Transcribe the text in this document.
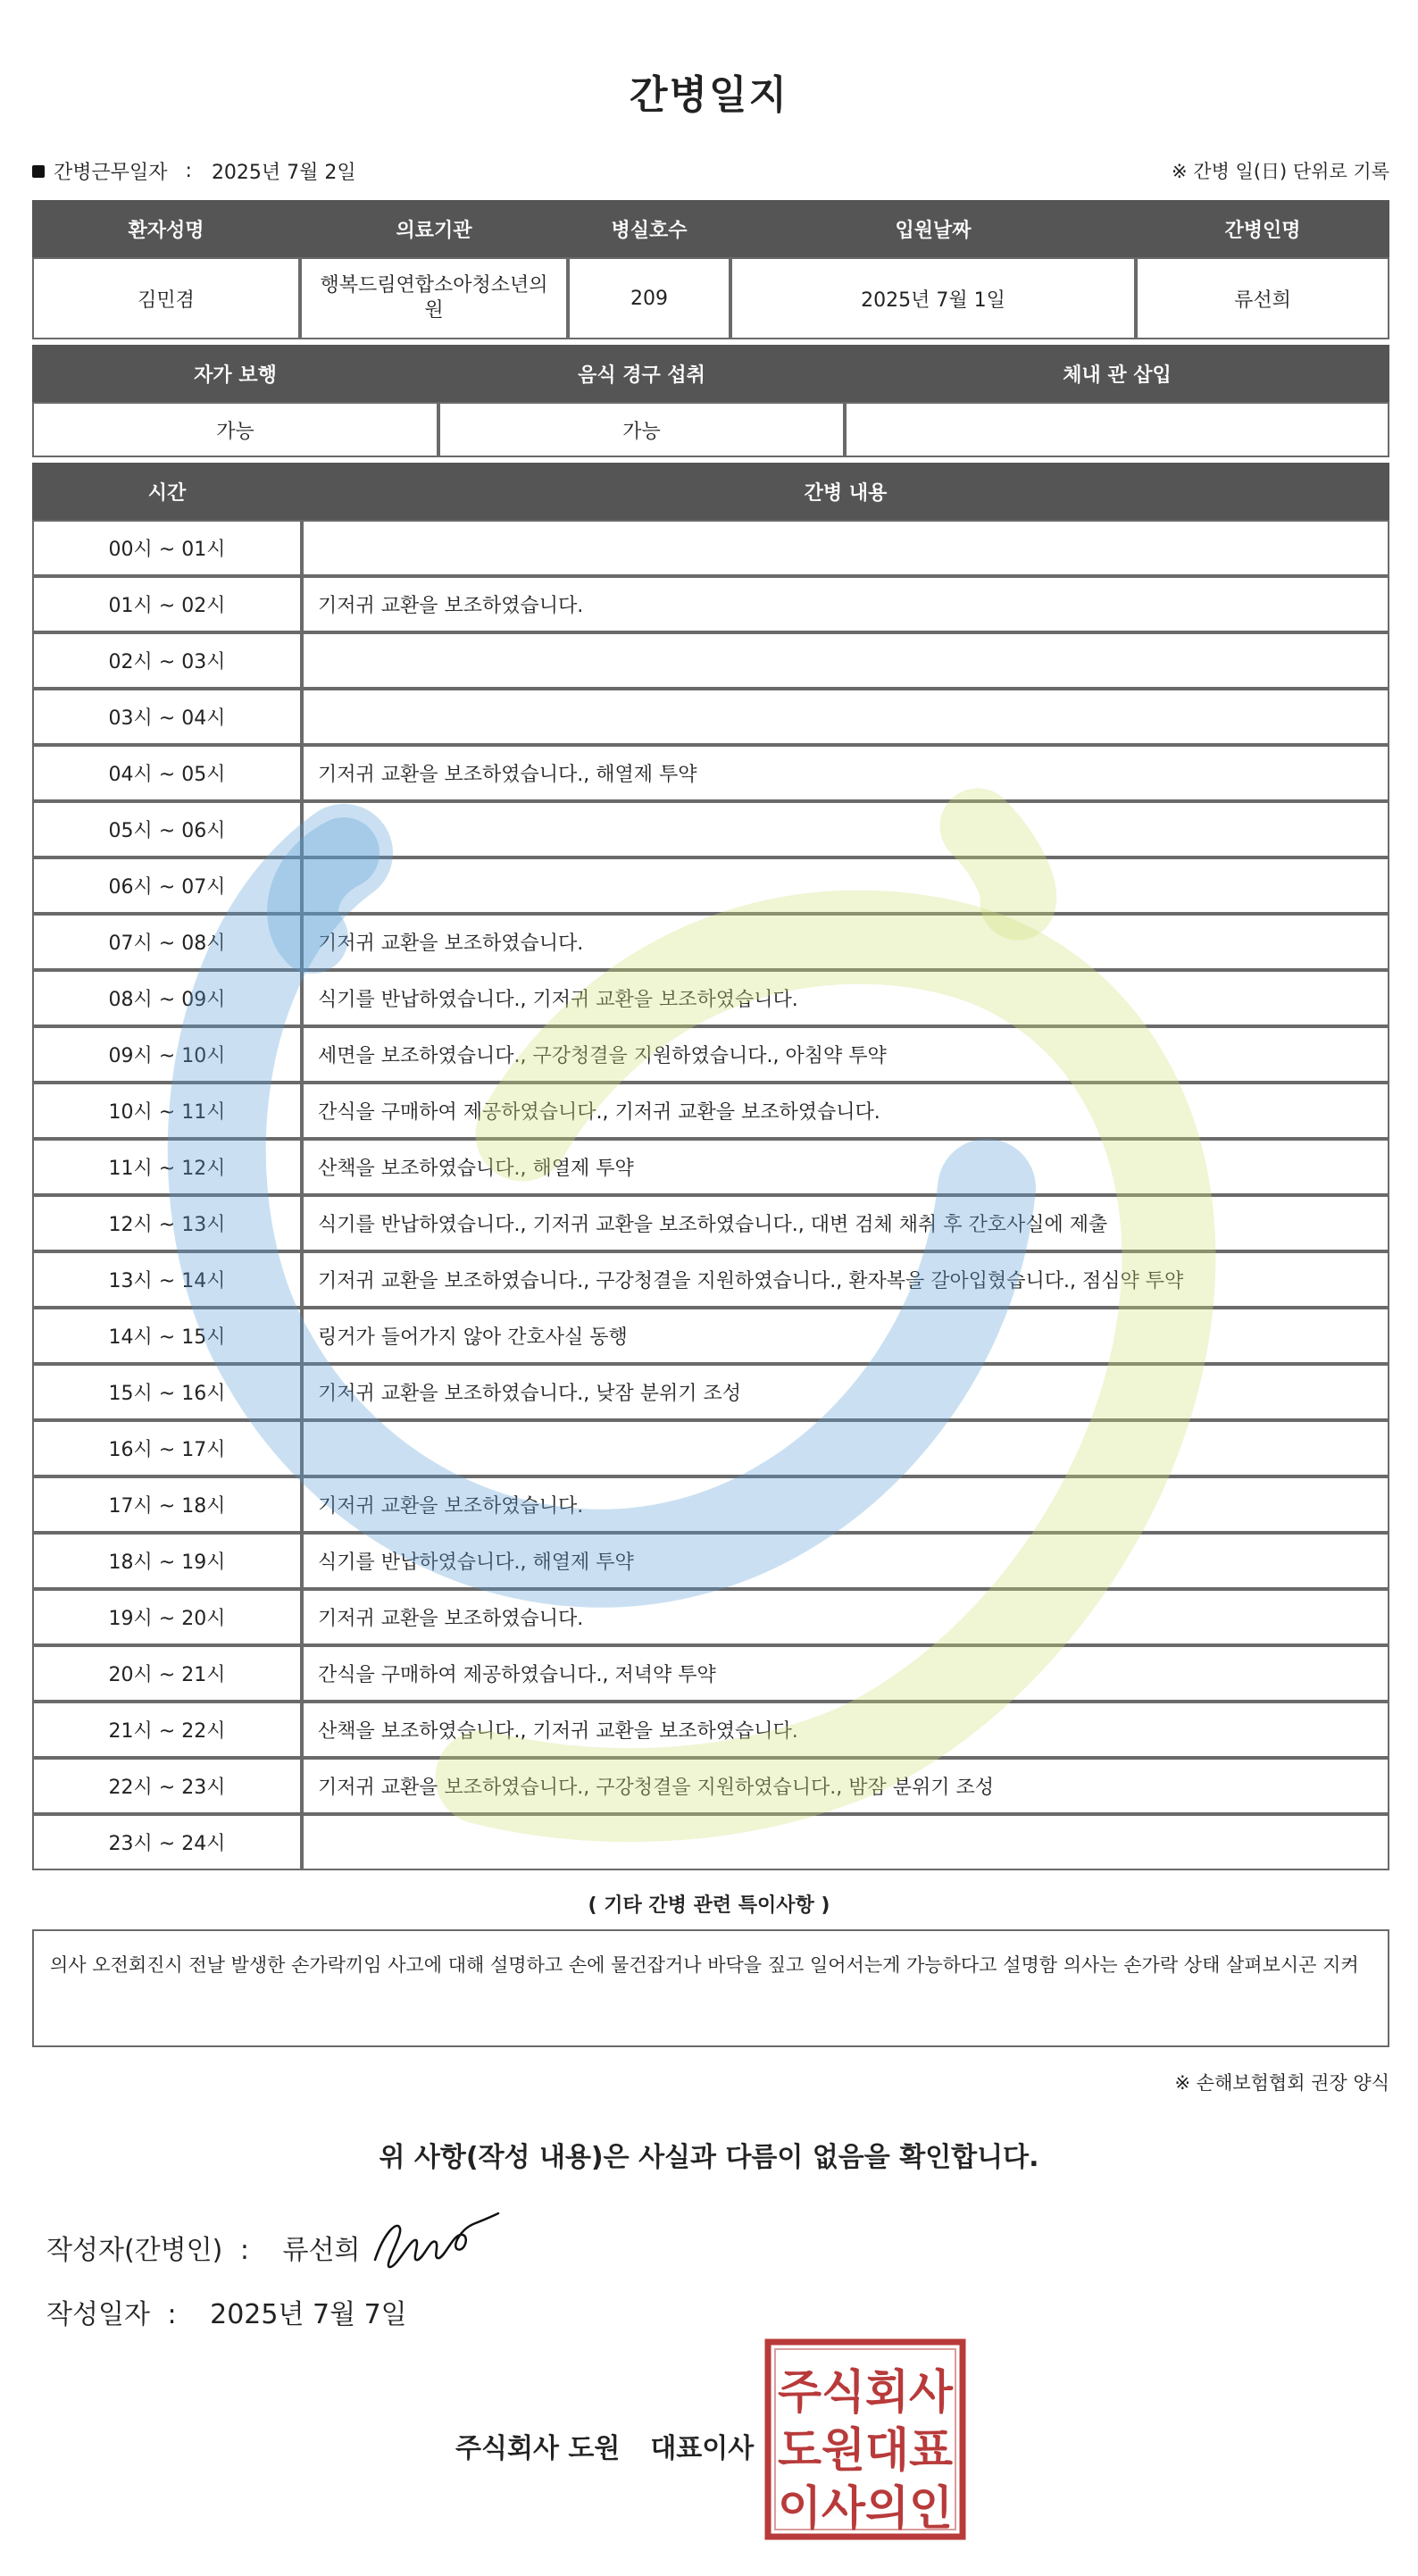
간병일지
간병근무일자 : 2025년 7월 2일	※ 간병 일(日) 단위로 기록
환자성명	의료기관	병실호수	입원날짜	간병인명
김민겸	행복드림연합소아청소년의원	209	2025년 7월 1일	류선희
자가 보행	음식 경구 섭취	체내 관 삽입
가능	가능	
시간	간병 내용
00시 ~ 01시	
01시 ~ 02시	기저귀 교환을 보조하였습니다.
02시 ~ 03시	
03시 ~ 04시	
04시 ~ 05시	기저귀 교환을 보조하였습니다., 해열제 투약
05시 ~ 06시	
06시 ~ 07시	
07시 ~ 08시	기저귀 교환을 보조하였습니다.
08시 ~ 09시	식기를 반납하였습니다., 기저귀 교환을 보조하였습니다.
09시 ~ 10시	세면을 보조하였습니다., 구강청결을 지원하였습니다., 아침약 투약
10시 ~ 11시	간식을 구매하여 제공하였습니다., 기저귀 교환을 보조하였습니다.
11시 ~ 12시	산책을 보조하였습니다., 해열제 투약
12시 ~ 13시	식기를 반납하였습니다., 기저귀 교환을 보조하였습니다., 대변 검체 채취 후 간호사실에 제출
13시 ~ 14시	기저귀 교환을 보조하였습니다., 구강청결을 지원하였습니다., 환자복을 갈아입혔습니다., 점심약 투약
14시 ~ 15시	링거가 들어가지 않아 간호사실 동행
15시 ~ 16시	기저귀 교환을 보조하였습니다., 낮잠 분위기 조성
16시 ~ 17시	
17시 ~ 18시	기저귀 교환을 보조하였습니다.
18시 ~ 19시	식기를 반납하였습니다., 해열제 투약
19시 ~ 20시	기저귀 교환을 보조하였습니다.
20시 ~ 21시	간식을 구매하여 제공하였습니다., 저녁약 투약
21시 ~ 22시	산책을 보조하였습니다., 기저귀 교환을 보조하였습니다.
22시 ~ 23시	기저귀 교환을 보조하였습니다., 구강청결을 지원하였습니다., 밤잠 분위기 조성
23시 ~ 24시	
( 기타 간병 관련 특이사항 )
의사 오전회진시 전날 발생한 손가락끼임 사고에 대해 설명하고 손에 물건잡거나 바닥을 짚고 일어서는게 가능하다고 설명함 의사는 손가락 상태 살펴보시곤 지켜
※ 손해보험협회 권장 양식
위 사항(작성 내용)은 사실과 다름이 없음을 확인합니다.
작성자(간병인) : 류선희
작성일자 : 2025년 7월 7일
주식회사 도원 대표이사
주식회사
도원대표
이사의인
